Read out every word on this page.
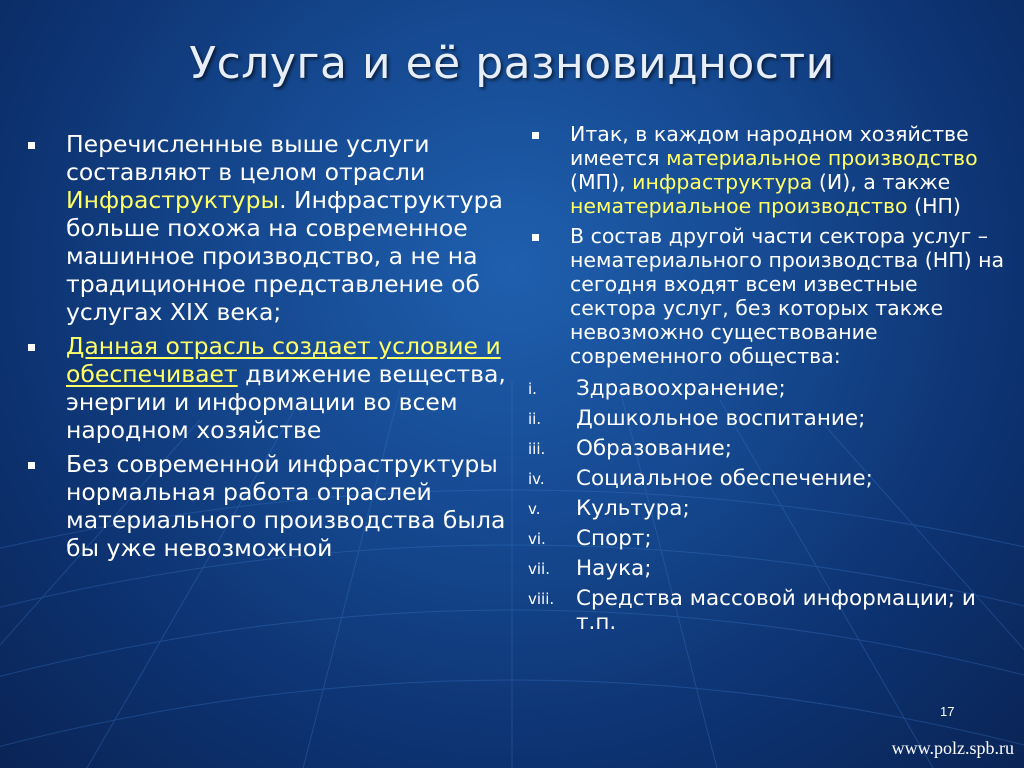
Услуга и её разновидности
Перечисленные выше услуги составляют в целом отрасли Инфраструктуры. Инфраструктура больше похожа на современное машинное производство, а не на традиционное представление об услугах XIX века;
Данная отрасль создает условие и обеспечивает движение вещества, энергии и информации во всем народном хозяйстве
Без современной инфраструктуры нормальная работа отраслей материального производства была бы уже невозможной
Итак, в каждом народном хозяйстве имеется материальное производство (МП), инфраструктура (И), а также нематериальное производство (НП)
В состав другой части сектора услуг – нематериального производства (НП) на сегодня входят всем известные сектора услуг, без которых также невозможно существование современного общества:
i.	Здравоохранение;
ii.	Дошкольное воспитание;
iii.	Образование;
iv.	Социальное обеспечение;
v.	Культура;
vi.	Спорт;
vii.	Наука;
viii.	Средства массовой информации; и т.п.
17
www.polz.spb.ru
